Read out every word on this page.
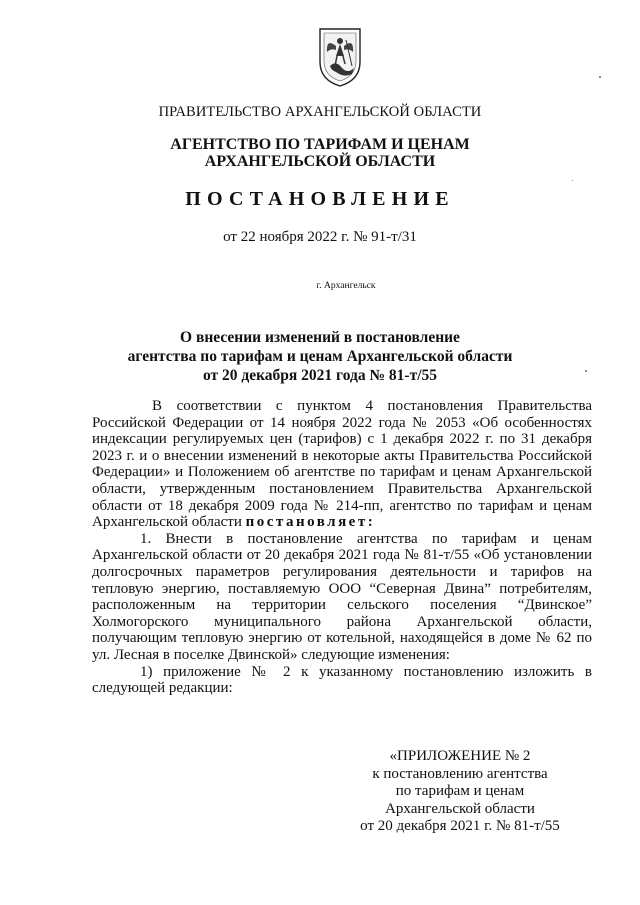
ПРАВИТЕЛЬСТВО АРХАНГЕЛЬСКОЙ ОБЛАСТИ
АГЕНТСТВО ПО ТАРИФАМ И ЦЕНАМ
АРХАНГЕЛЬСКОЙ ОБЛАСТИ
ПОСТАНОВЛЕНИЕ
от 22 ноября 2022 г. № 91-т/31
г. Архангельск
О внесении изменений в постановление
агентства по тарифам и ценам Архангельской области
от 20 декабря 2021 года № 81-т/55

В соответствии с пунктом 4 постановления Правительства Российской Федерации от 14 ноября 2022 года № 2053 «Об особенностях индексации регулируемых цен (тарифов) с 1 декабря 2022 г. по 31 декабря 2023 г. и о внесении изменений в некоторые акты Правительства Российской Федерации» и Положением об агентстве по тарифам и ценам Архангельской области, утвержденным постановлением Правительства Архангельской области от 18 декабря 2009 года № 214-пп, агентство по тарифам и ценам Архангельской области постановляет:

1. Внести в постановление агентства по тарифам и ценам Архангельской области от 20 декабря 2021 года № 81-т/55 «Об установлении долгосрочных параметров регулирования деятельности и тарифов на тепловую энергию, поставляемую ООО “Северная Двина” потребителям, расположенным на территории сельского поселения “Двинское” Холмогорского муниципального района Архангельской области, получающим тепловую энергию от котельной, находящейся в доме № 62 по ул. Лесная в поселке Двинской» следующие изменения:

1) приложение № 2 к указанному постановлению изложить в следующей редакции:

«ПРИЛОЖЕНИЕ № 2
к постановлению агентства
по тарифам и ценам
Архангельской области
от 20 декабря 2021 г. № 81-т/55
